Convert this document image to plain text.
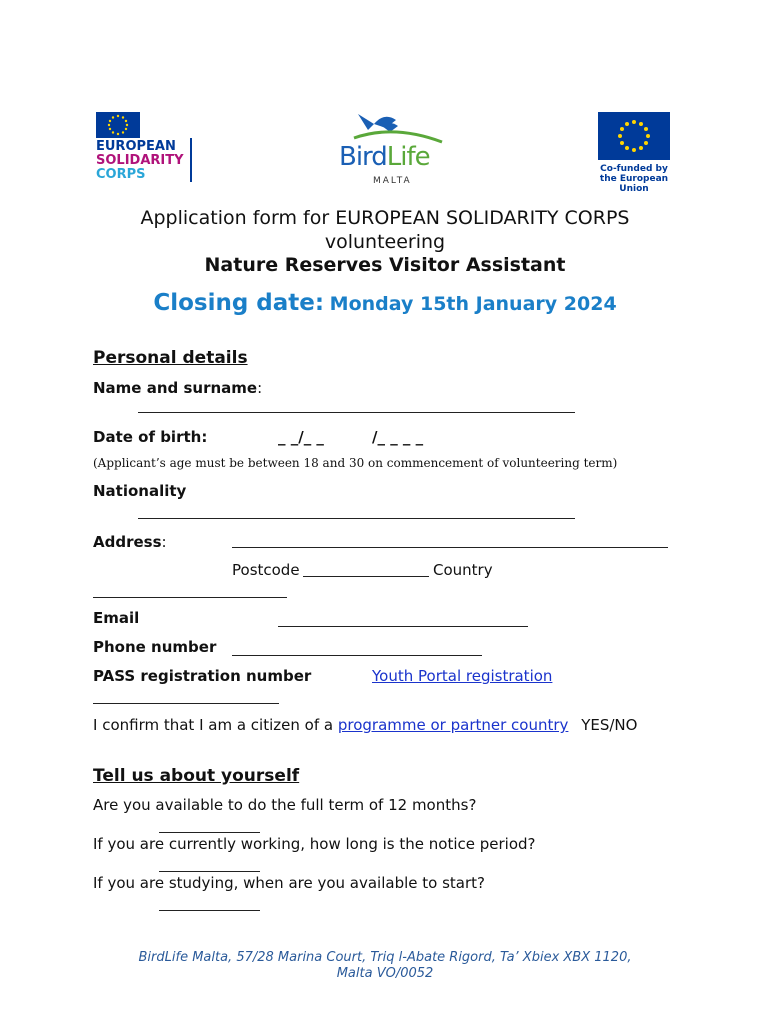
EUROPEAN
SOLIDARITY
CORPS
BirdLife
MALTA
Co-funded by
the European Union
Application form for EUROPEAN SOLIDARITY CORPS
volunteering
Nature Reserves Visitor Assistant
Closing date: Monday 15th January 2024
Personal details
Name and surname:
Date of birth:	_ _/_ _	/_ _ _ _
(Applicant’s age must be between 18 and 30 on commencement of volunteering term)
Nationality
Address:
Postcode	Country
Email
Phone number
PASS registration number	Youth Portal registration
I confirm that I am a citizen of a programme or partner country YES/NO
Tell us about yourself
Are you available to do the full term of 12 months?
If you are currently working, how long is the notice period?
If you are studying, when are you available to start?
BirdLife Malta, 57/28 Marina Court, Triq l-Abate Rigord, Ta’ Xbiex XBX 1120,
Malta VO/0052
